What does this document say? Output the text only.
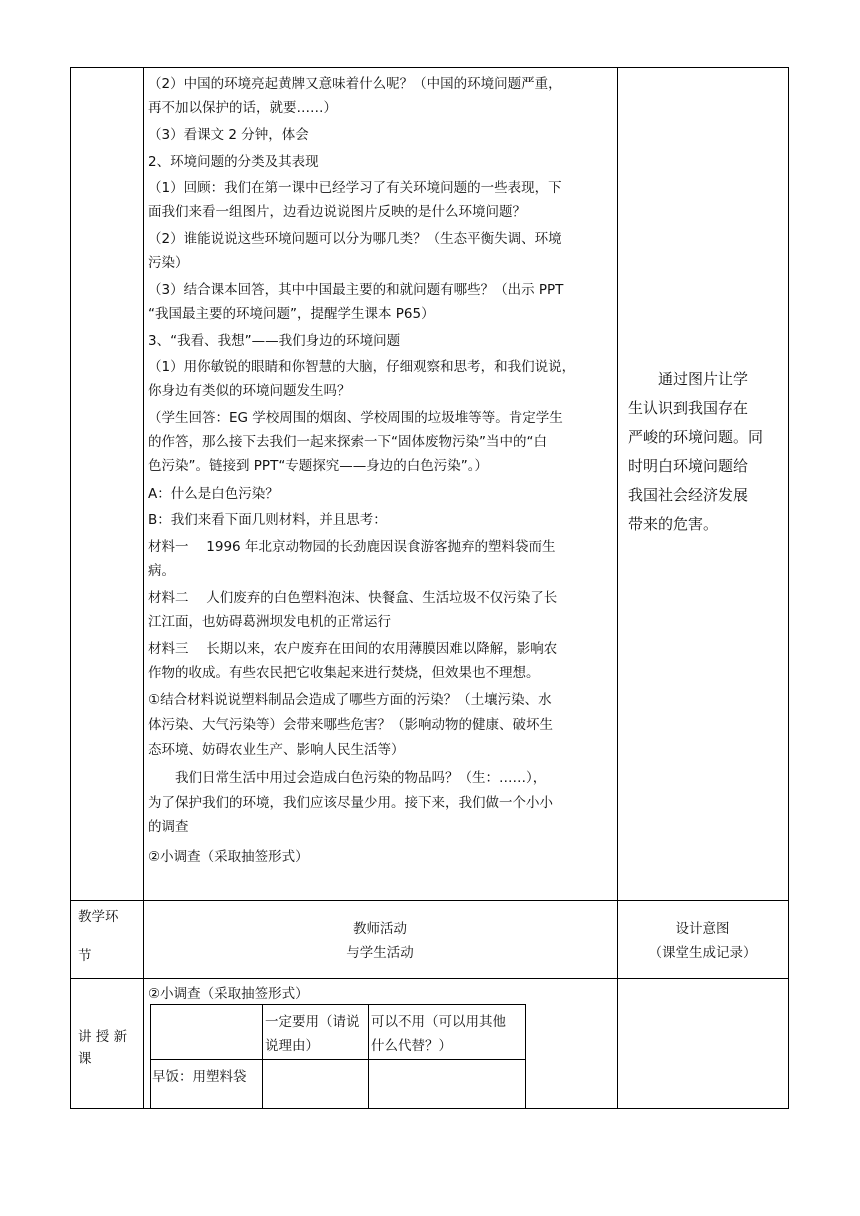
（2）中国的环境亮起黄牌又意味着什么呢？（中国的环境问题严重，
再不加以保护的话，就要……）
（3）看课文 2 分钟，体会
2、环境问题的分类及其表现
（1）回顾：我们在第一课中已经学习了有关环境问题的一些表现，下
面我们来看一组图片，边看边说说图片反映的是什么环境问题？
（2）谁能说说这些环境问题可以分为哪几类？（生态平衡失调、环境
污染）
（3）结合课本回答，其中中国最主要的和就问题有哪些？（出示 PPT
“我国最主要的环境问题”，提醒学生课本 P65）
3、“我看、我想”——我们身边的环境问题
（1）用你敏锐的眼睛和你智慧的大脑，仔细观察和思考，和我们说说，
你身边有类似的环境问题发生吗？
（学生回答：EG 学校周围的烟囱、学校周围的垃圾堆等等。肯定学生
的作答，那么接下去我们一起来探索一下“固体废物污染”当中的“白
色污染”。链接到 PPT“专题探究——身边的白色污染”。）
A：什么是白色污染？
B：我们来看下面几则材料，并且思考：
材料一　 1996 年北京动物园的长劲鹿因误食游客抛弃的塑料袋而生
病。
材料二　 人们废弃的白色塑料泡沫、快餐盒、生活垃圾不仅污染了长
江江面，也妨碍葛洲坝发电机的正常运行
材料三　 长期以来，农户废弃在田间的农用薄膜因难以降解，影响农
作物的收成。有些农民把它收集起来进行焚烧，但效果也不理想。
①结合材料说说塑料制品会造成了哪些方面的污染？（土壤污染、水
体污染、大气污染等）会带来哪些危害？（影响动物的健康、破坏生
态环境、妨碍农业生产、影响人民生活等）
　　我们日常生活中用过会造成白色污染的物品吗？（生：……），
为了保护我们的环境，我们应该尽量少用。接下来，我们做一个小小
的调查
②小调查（采取抽签形式）
　　通过图片让学
生认识到我国存在
严峻的环境问题。同
时明白环境问题给
我国社会经济发展
带来的危害。
教学环
节
教师活动
与学生活动
设计意图
（课堂生成记录）
讲 授 新
课
②小调查（采取抽签形式）
一定要用（请说
说理由）
可以不用（可以用其他
什么代替？）
早饭：用塑料袋
